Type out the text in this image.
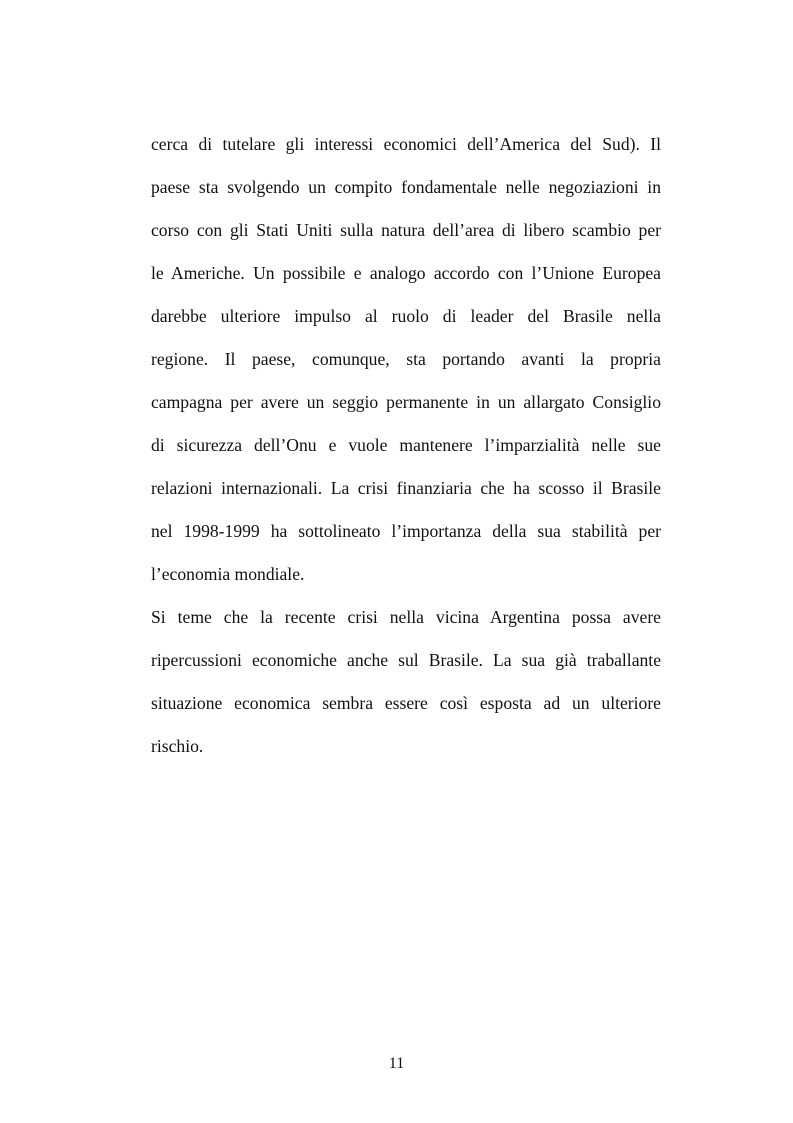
cerca di tutelare gli interessi economici dell’America del Sud). Il
paese sta svolgendo un compito fondamentale nelle negoziazioni in
corso con gli Stati Uniti sulla natura dell’area di libero scambio per
le Americhe. Un possibile e analogo accordo con l’Unione Europea
darebbe ulteriore impulso al ruolo di leader del Brasile nella
regione. Il paese, comunque, sta portando avanti la propria
campagna per avere un seggio permanente in un allargato Consiglio
di sicurezza dell’Onu e vuole mantenere l’imparzialità nelle sue
relazioni internazionali. La crisi finanziaria che ha scosso il Brasile
nel 1998-1999 ha sottolineato l’importanza della sua stabilità per
l’economia mondiale.
Si teme che la recente crisi nella vicina Argentina possa avere
ripercussioni economiche anche sul Brasile. La sua già traballante
situazione economica sembra essere così esposta ad un ulteriore
rischio.
11
